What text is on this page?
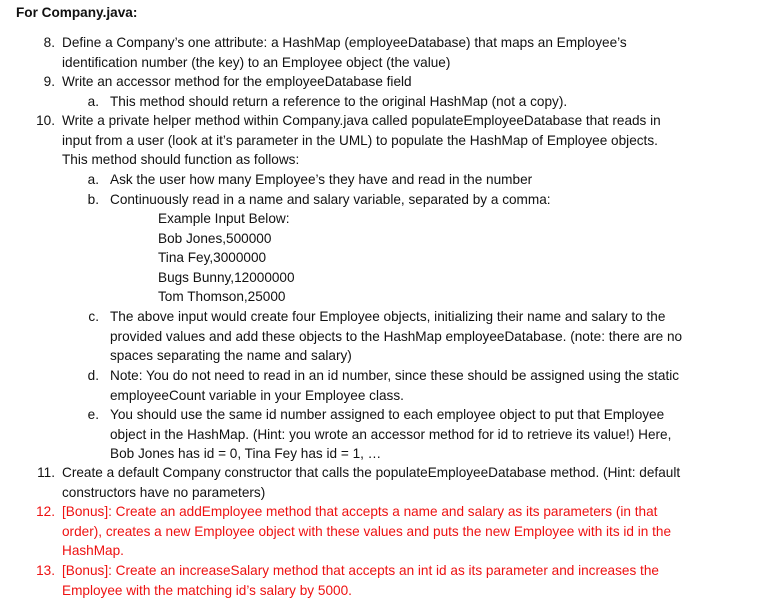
For Company.java:
8. Define a Company’s one attribute: a HashMap (employeeDatabase) that maps an Employee’s
identification number (the key) to an Employee object (the value)
9. Write an accessor method for the employeeDatabase field
a. This method should return a reference to the original HashMap (not a copy).
10. Write a private helper method within Company.java called populateEmployeeDatabase that reads in
input from a user (look at it’s parameter in the UML) to populate the HashMap of Employee objects.
This method should function as follows:
a. Ask the user how many Employee’s they have and read in the number
b. Continuously read in a name and salary variable, separated by a comma:
Example Input Below:
Bob Jones,500000
Tina Fey,3000000
Bugs Bunny,12000000
Tom Thomson,25000
c. The above input would create four Employee objects, initializing their name and salary to the
provided values and add these objects to the HashMap employeeDatabase. (note: there are no
spaces separating the name and salary)
d. Note: You do not need to read in an id number, since these should be assigned using the static
employeeCount variable in your Employee class.
e. You should use the same id number assigned to each employee object to put that Employee
object in the HashMap. (Hint: you wrote an accessor method for id to retrieve its value!) Here,
Bob Jones has id = 0, Tina Fey has id = 1, …
11. Create a default Company constructor that calls the populateEmployeeDatabase method. (Hint: default
constructors have no parameters)
12. [Bonus]: Create an addEmployee method that accepts a name and salary as its parameters (in that
order), creates a new Employee object with these values and puts the new Employee with its id in the
HashMap.
13. [Bonus]: Create an increaseSalary method that accepts an int id as its parameter and increases the
Employee with the matching id’s salary by 5000.
